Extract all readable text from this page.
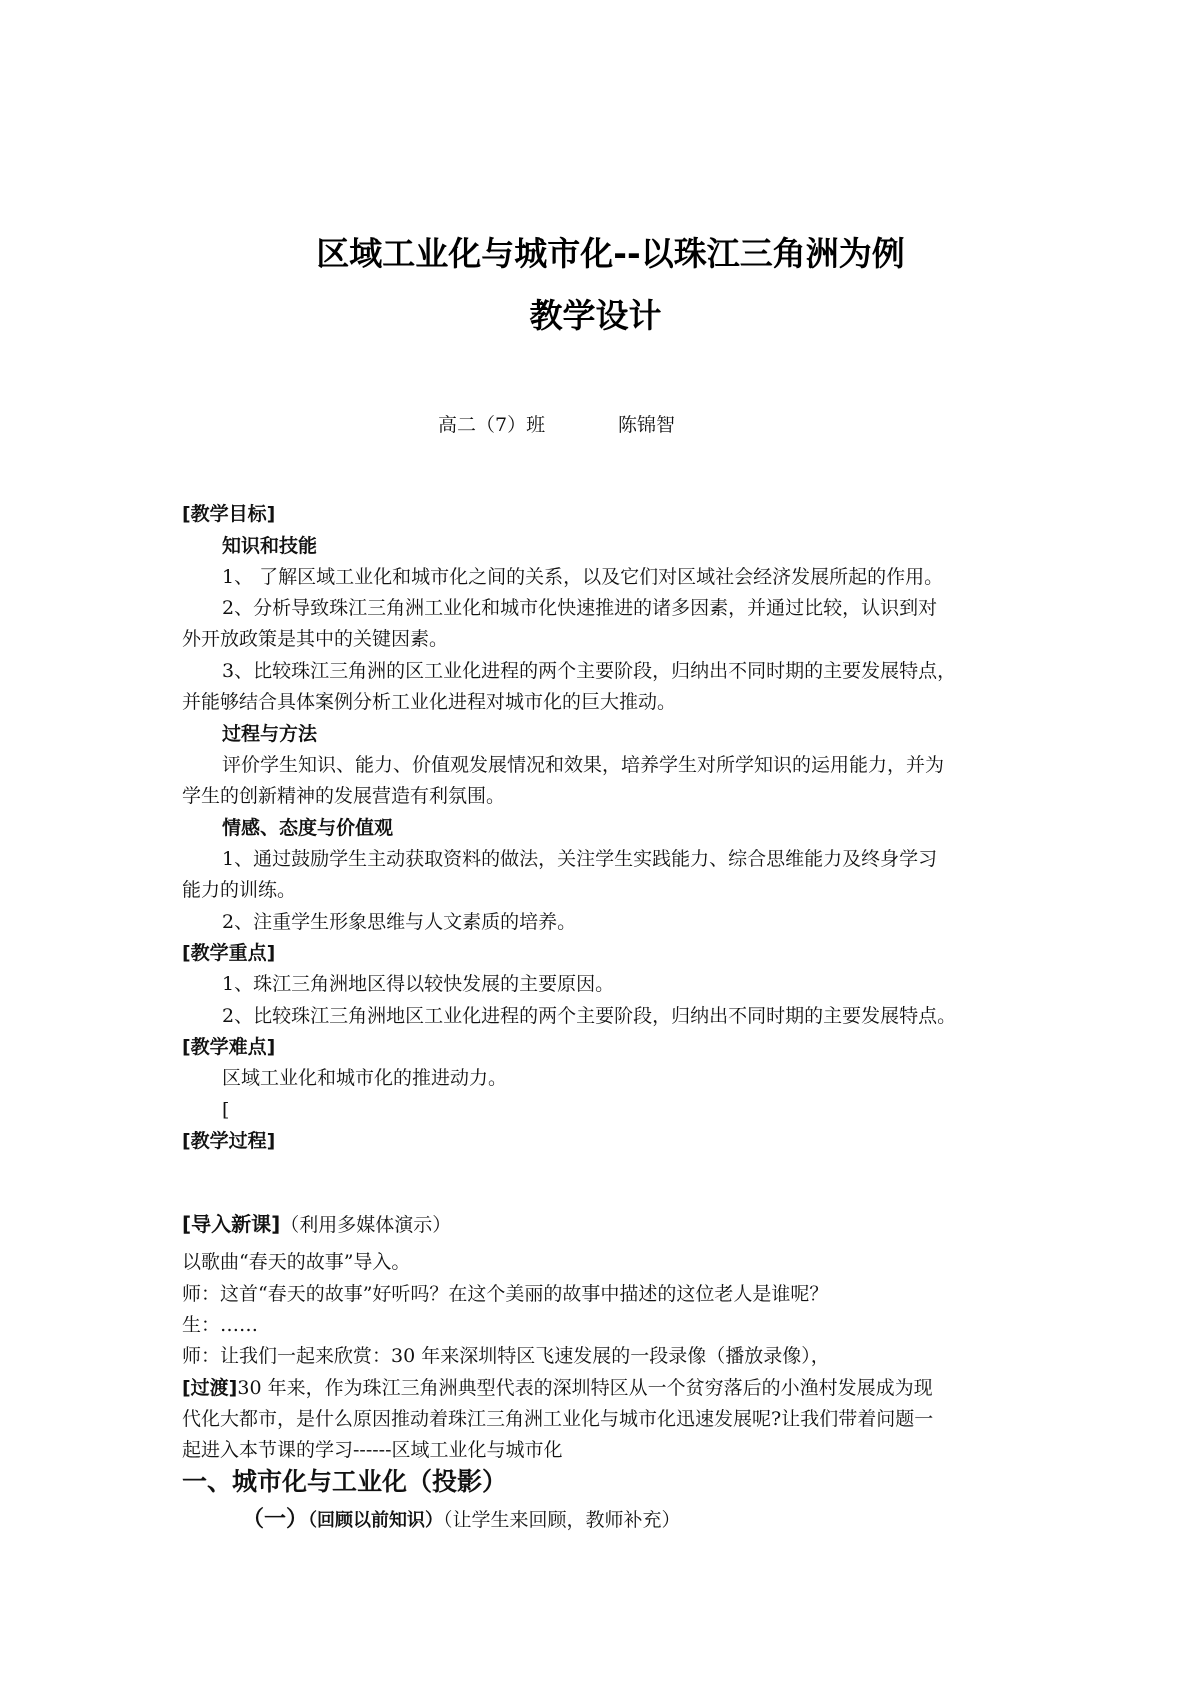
区域工业化与城市化--以珠江三角洲为例
教学设计
高二（7）班	陈锦智
[教学目标]
知识和技能
1、 了解区域工业化和城市化之间的关系，以及它们对区域社会经济发展所起的作用。
2、分析导致珠江三角洲工业化和城市化快速推进的诸多因素，并通过比较，认识到对
外开放政策是其中的关键因素。
3、比较珠江三角洲的区工业化进程的两个主要阶段，归纳出不同时期的主要发展特点，
并能够结合具体案例分析工业化进程对城市化的巨大推动。
过程与方法
评价学生知识、能力、价值观发展情况和效果，培养学生对所学知识的运用能力，并为
学生的创新精神的发展营造有利氛围。
情感、态度与价值观
1、通过鼓励学生主动获取资料的做法，关注学生实践能力、综合思维能力及终身学习
能力的训练。
2、注重学生形象思维与人文素质的培养。
[教学重点]
1、珠江三角洲地区得以较快发展的主要原因。
2、比较珠江三角洲地区工业化进程的两个主要阶段，归纳出不同时期的主要发展特点。
[教学难点]
区域工业化和城市化的推进动力。
[
[教学过程]
[导入新课]（利用多媒体演示）
以歌曲“春天的故事”导入。
师：这首“春天的故事”好听吗？在这个美丽的故事中描述的这位老人是谁呢？
生：……
师：让我们一起来欣赏：30 年来深圳特区飞速发展的一段录像（播放录像），
[过渡]30 年来，作为珠江三角洲典型代表的深圳特区从一个贫穷落后的小渔村发展成为现
代化大都市，是什么原因推动着珠江三角洲工业化与城市化迅速发展呢?让我们带着问题一
起进入本节课的学习------区域工业化与城市化
一、城市化与工业化（投影）
（一）（回顾以前知识）（让学生来回顾，教师补充）
